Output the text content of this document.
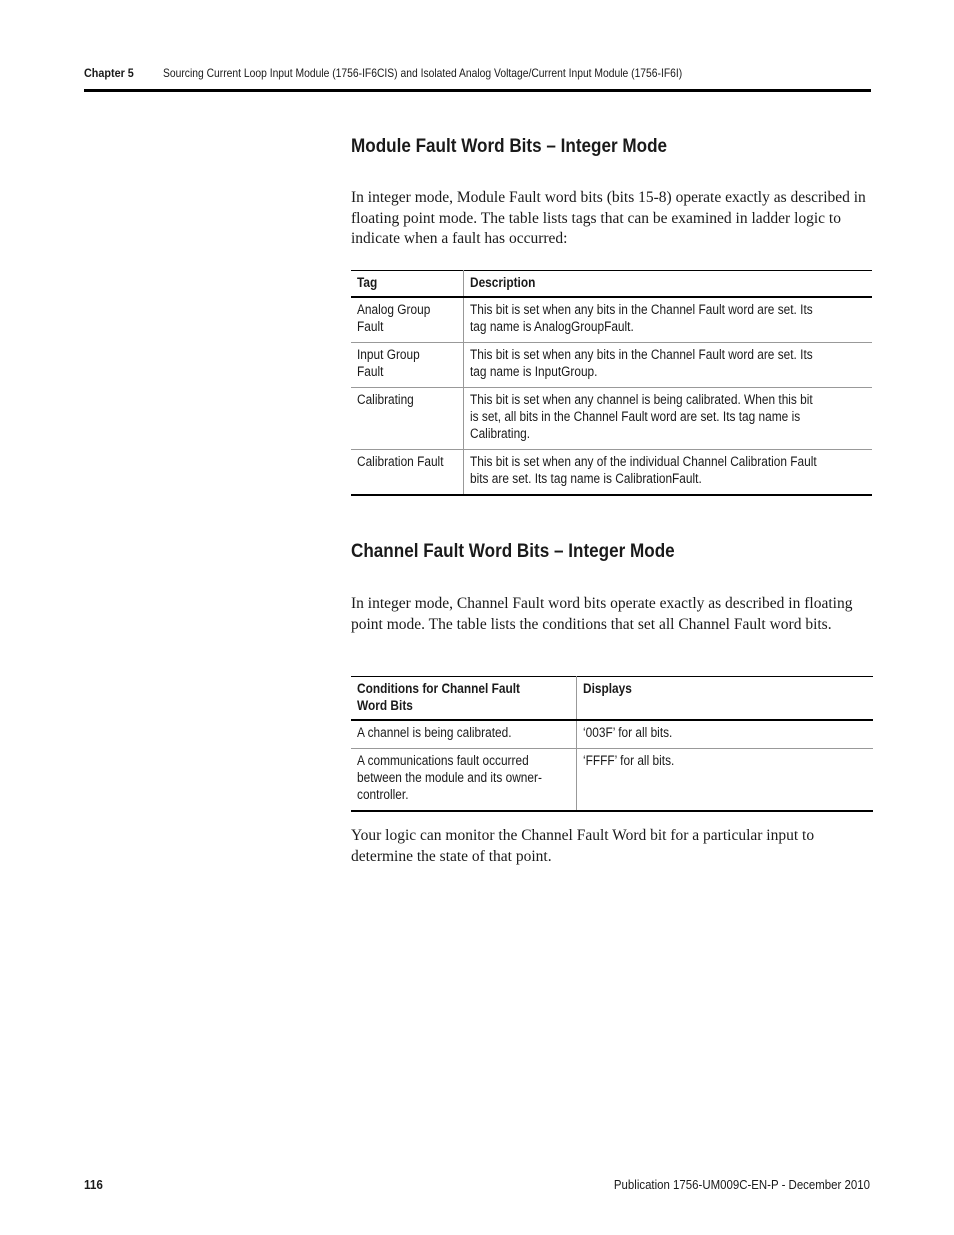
Chapter 5 Sourcing Current Loop Input Module (1756-IF6CIS) and Isolated Analog Voltage/Current Input Module (1756-IF6I)
Module Fault Word Bits – Integer Mode

In integer mode, Module Fault word bits (bits 15-8) operate exactly as described in floating point mode. The table lists tags that can be examined in ladder logic to indicate when a fault has occurred:

Tag	Description
Analog Group Fault	This bit is set when any bits in the Channel Fault word are set. Its tag name is AnalogGroupFault.
Input Group Fault	This bit is set when any bits in the Channel Fault word are set. Its tag name is InputGroup.
Calibrating	This bit is set when any channel is being calibrated. When this bit is set, all bits in the Channel Fault word are set. Its tag name is Calibrating.
Calibration Fault	This bit is set when any of the individual Channel Calibration Fault bits are set. Its tag name is CalibrationFault.
Channel Fault Word Bits – Integer Mode

In integer mode, Channel Fault word bits operate exactly as described in floating point mode. The table lists the conditions that set all Channel Fault word bits.

Conditions for Channel Fault Word Bits	Displays
A channel is being calibrated.	‘003F’ for all bits.
A communications fault occurred between the module and its owner-controller.	‘FFFF’ for all bits.

Your logic can monitor the Channel Fault Word bit for a particular input to determine the state of that point.

116	Publication 1756-UM009C-EN-P - December 2010
